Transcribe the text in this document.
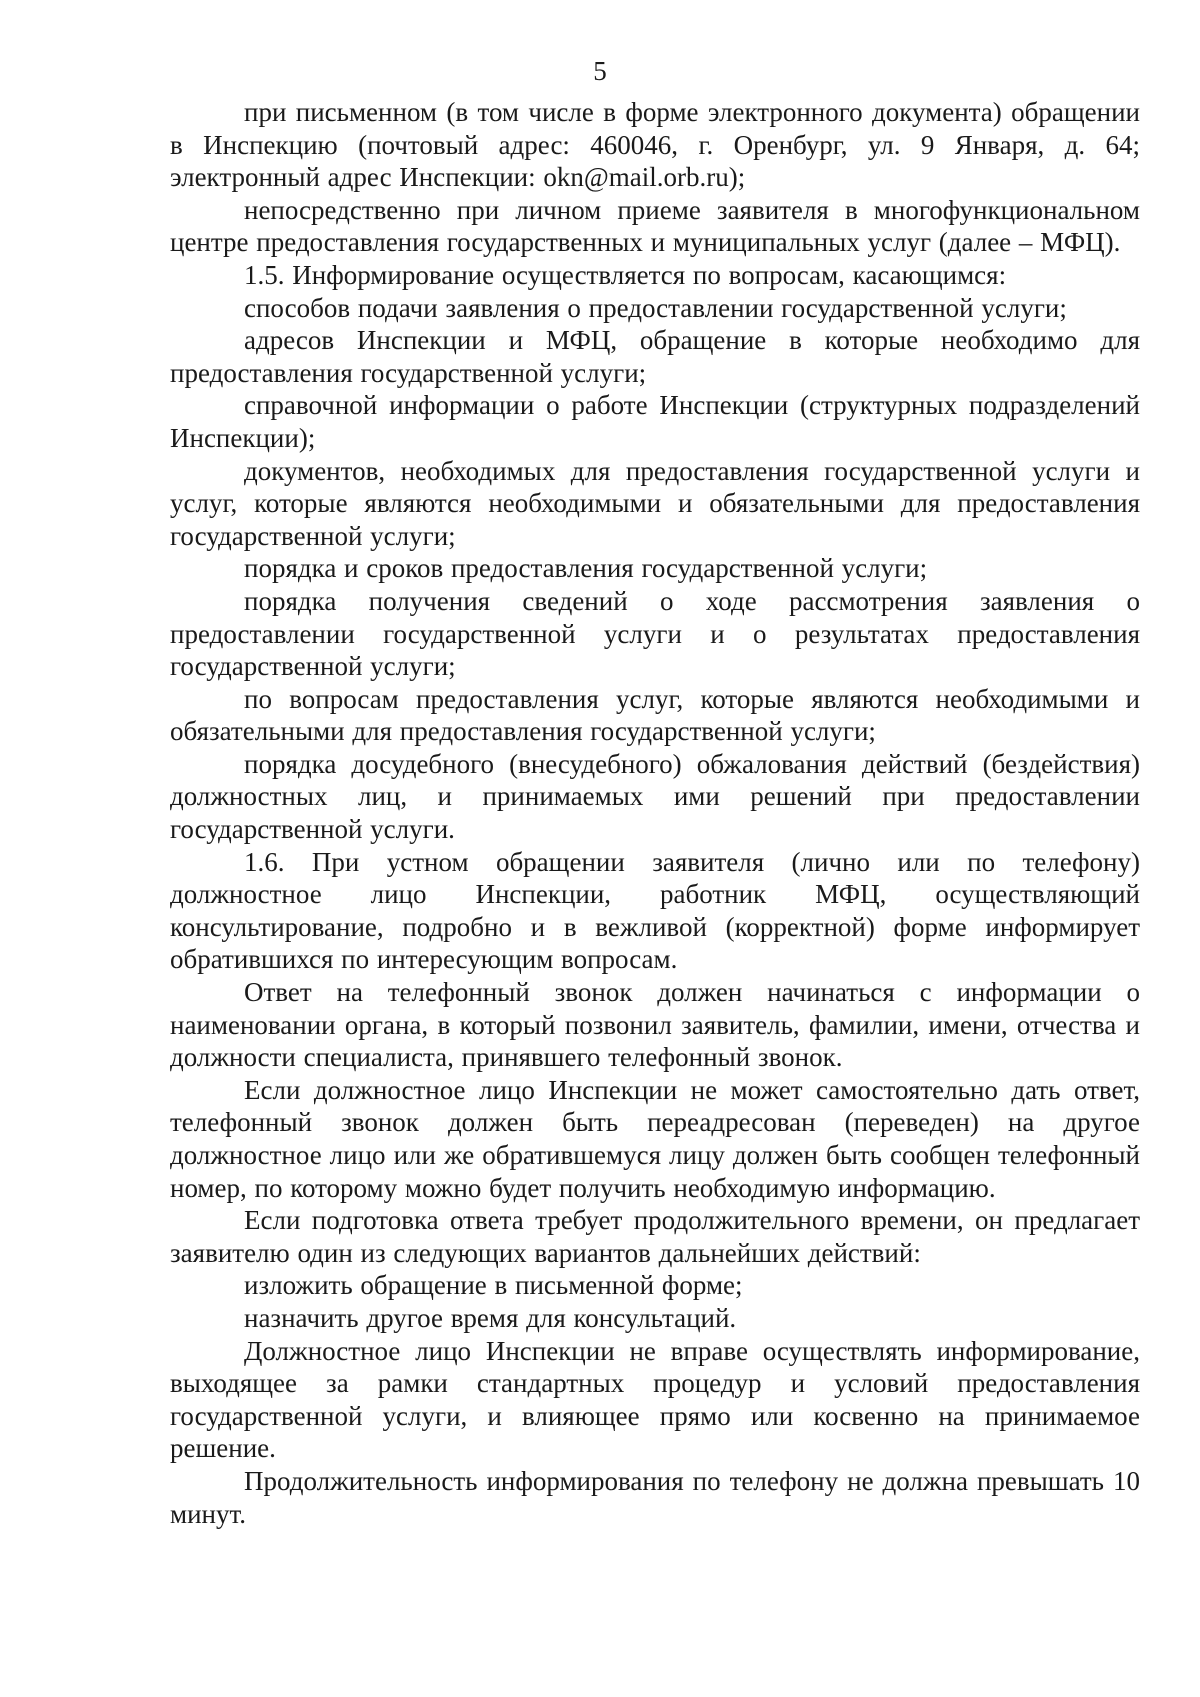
5

при письменном (в том числе в форме электронного документа) обращении в Инспекцию (почтовый адрес: 460046, г. Оренбург, ул. 9 Января, д. 64; электронный адрес Инспекции: okn@mail.orb.ru);

непосредственно при личном приеме заявителя в многофункциональном центре предоставления государственных и муниципальных услуг (далее – МФЦ).

1.5. Информирование осуществляется по вопросам, касающимся:

способов подачи заявления о предоставлении государственной услуги;

адресов Инспекции и МФЦ, обращение в которые необходимо для предоставления государственной услуги;

справочной информации о работе Инспекции (структурных подразделений Инспекции);

документов, необходимых для предоставления государственной услуги и услуг, которые являются необходимыми и обязательными для предоставления государственной услуги;

порядка и сроков предоставления государственной услуги;

порядка получения сведений о ходе рассмотрения заявления о предоставлении государственной услуги и о результатах предоставления государственной услуги;

по вопросам предоставления услуг, которые являются необходимыми и обязательными для предоставления государственной услуги;

порядка досудебного (внесудебного) обжалования действий (бездействия) должностных лиц, и принимаемых ими решений при предоставлении государственной услуги.

1.6. При устном обращении заявителя (лично или по телефону) должностное лицо Инспекции, работник МФЦ, осуществляющий консультирование, подробно и в вежливой (корректной) форме информирует обратившихся по интересующим вопросам.

Ответ на телефонный звонок должен начинаться с информации о наименовании органа, в который позвонил заявитель, фамилии, имени, отчества и должности специалиста, принявшего телефонный звонок.

Если должностное лицо Инспекции не может самостоятельно дать ответ, телефонный звонок должен быть переадресован (переведен) на другое должностное лицо или же обратившемуся лицу должен быть сообщен телефонный номер, по которому можно будет получить необходимую информацию.

Если подготовка ответа требует продолжительного времени, он предлагает заявителю один из следующих вариантов дальнейших действий:

изложить обращение в письменной форме;

назначить другое время для консультаций.

Должностное лицо Инспекции не вправе осуществлять информирование, выходящее за рамки стандартных процедур и условий предоставления государственной услуги, и влияющее прямо или косвенно на принимаемое решение.

Продолжительность информирования по телефону не должна превышать 10 минут.
